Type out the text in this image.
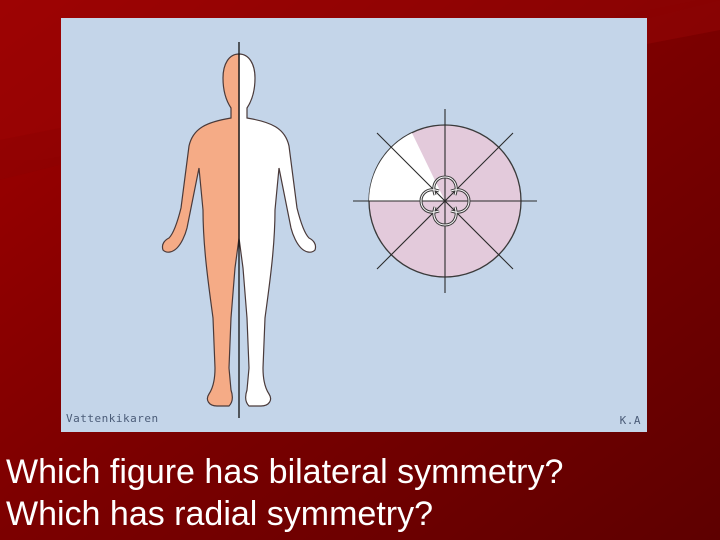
Vattenkikaren	K.A
Which figure has bilateral symmetry?
Which has radial symmetry?
